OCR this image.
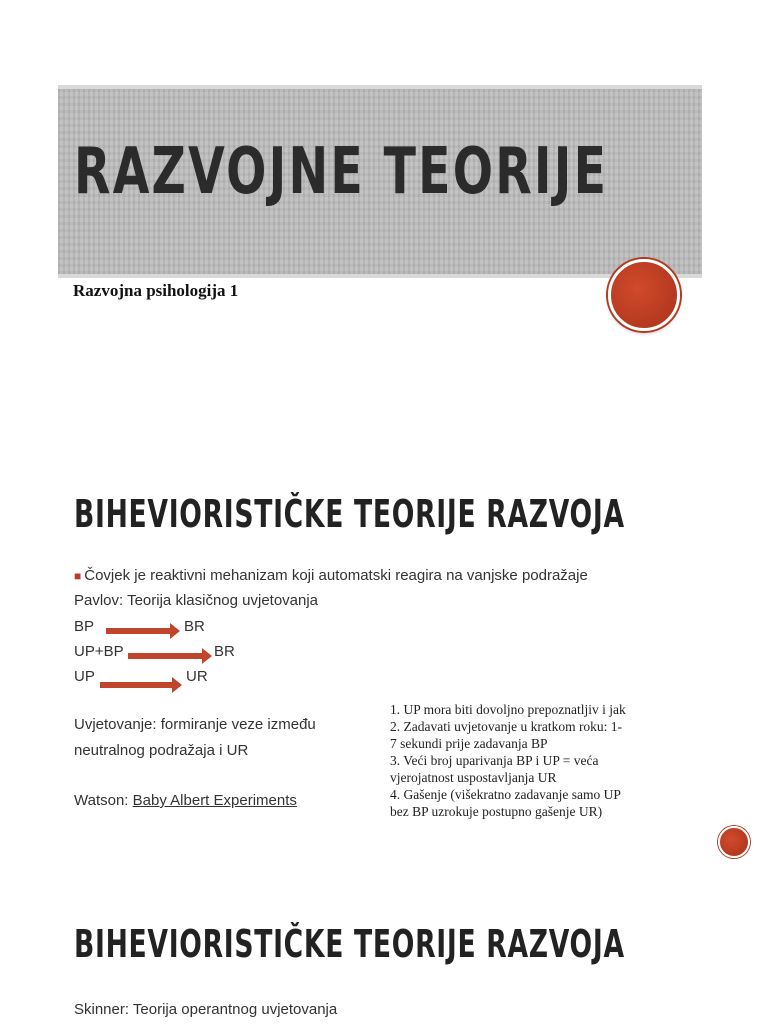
RAZVOJNE TEORIJE
Razvojna psihologija 1
BIHEVIORISTIČKE TEORIJE RAZVOJA
■ Čovjek je reaktivni mehanizam koji automatski reagira na vanjske podražaje
Pavlov: Teorija klasičnog uvjetovanja
BP	BR
UP+BP	BR
UP	UR
Uvjetovanje: formiranje veze između
neutralnog podražaja i UR
Watson: Baby Albert Experiments
1. UP mora biti dovoljno prepoznatljiv i jak
2. Zadavati uvjetovanje u kratkom roku: 1-
7 sekundi prije zadavanja BP
3. Veći broj uparivanja BP i UP = veća
vjerojatnost uspostavljanja UR
4. Gašenje (višekratno zadavanje samo UP
bez BP uzrokuje postupno gašenje UR)
BIHEVIORISTIČKE TEORIJE RAZVOJA
Skinner: Teorija operantnog uvjetovanja
